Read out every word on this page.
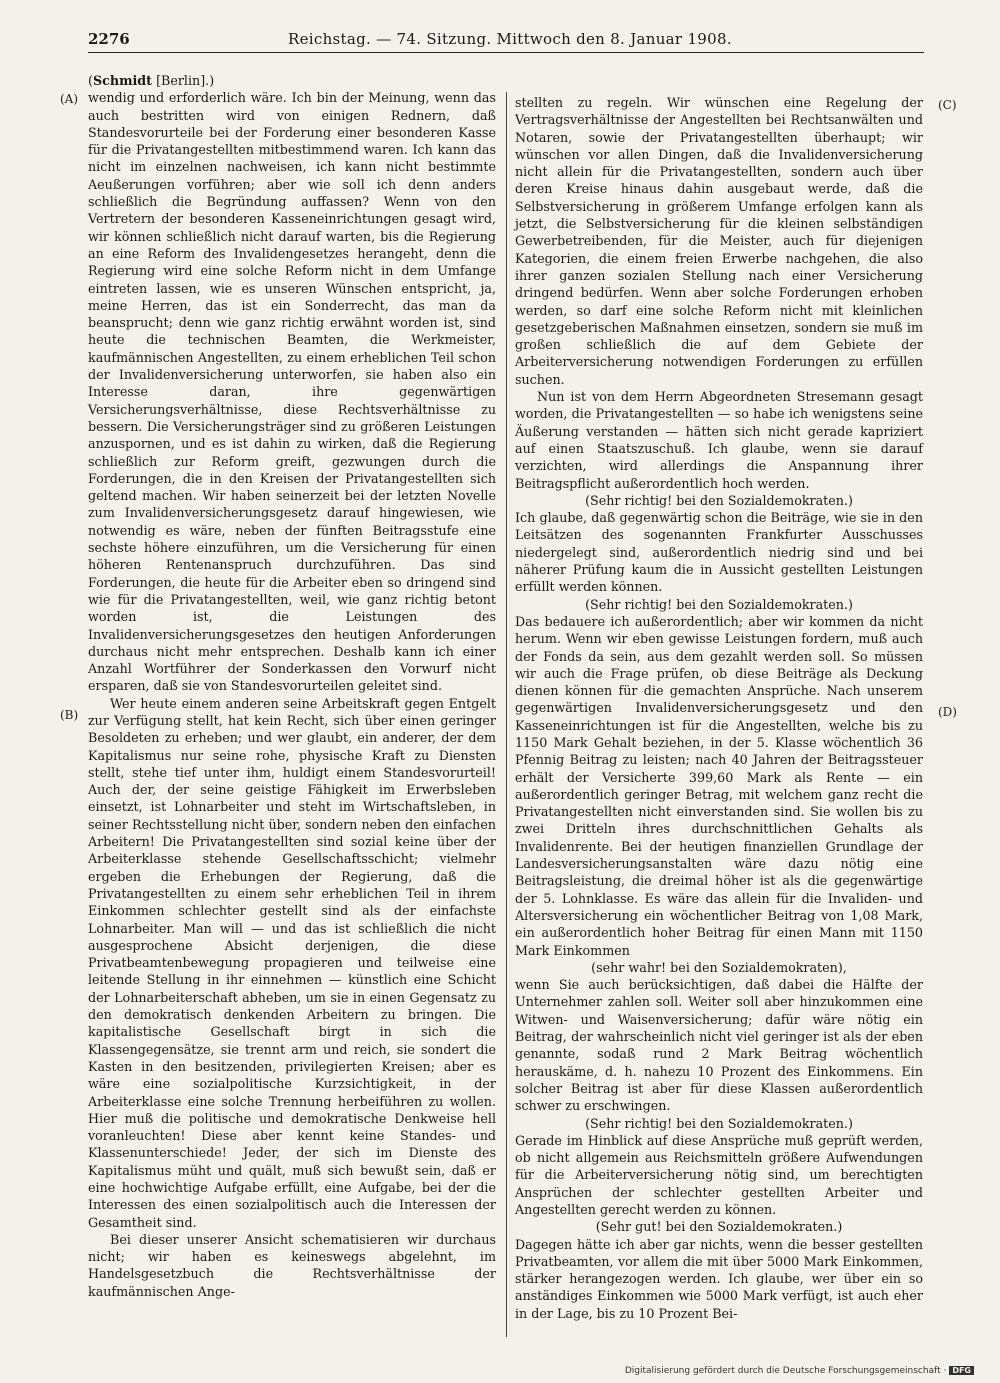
2276	Reichstag. — 74. Sitzung. Mittwoch den 8. Januar 1908.
(A)
(B)
(C)
(D)

(Schmidt [Berlin].)

wendig und erforderlich wäre. Ich bin der Meinung, wenn das auch bestritten wird von einigen Rednern, daß Standesvorurteile bei der Forderung einer besonderen Kasse für die Privatangestellten mitbestimmend waren. Ich kann das nicht im einzelnen nachweisen, ich kann nicht bestimmte Aeußerungen vorführen; aber wie soll ich denn anders schließlich die Begründung auffassen? Wenn von den Vertretern der besonderen Kasseneinrichtungen gesagt wird, wir können schließlich nicht darauf warten, bis die Regierung an eine Reform des Invalidengesetzes herangeht, denn die Regierung wird eine solche Reform nicht in dem Umfange eintreten lassen, wie es unseren Wünschen entspricht, ja, meine Herren, das ist ein Sonderrecht, das man da beansprucht; denn wie ganz richtig erwähnt worden ist, sind heute die technischen Beamten, die Werkmeister, kaufmännischen Angestellten, zu einem erheblichen Teil schon der Invalidenversicherung unterworfen, sie haben also ein Interesse daran, ihre gegenwärtigen Versicherungsverhältnisse, diese Rechtsverhältnisse zu bessern. Die Versicherungsträger sind zu größeren Leistungen anzuspornen, und es ist dahin zu wirken, daß die Regierung schließlich zur Reform greift, gezwungen durch die Forderungen, die in den Kreisen der Privatangestellten sich geltend machen. Wir haben seinerzeit bei der letzten Novelle zum Invalidenversicherungsgesetz darauf hingewiesen, wie notwendig es wäre, neben der fünften Beitragsstufe eine sechste höhere einzuführen, um die Versicherung für einen höheren Rentenanspruch durchzuführen. Das sind Forderungen, die heute für die Arbeiter eben so dringend sind wie für die Privatangestellten, weil, wie ganz richtig betont worden ist, die Leistungen des Invalidenversicherungsgesetzes den heutigen Anforderungen durchaus nicht mehr entsprechen. Deshalb kann ich einer Anzahl Wortführer der Sonderkassen den Vorwurf nicht ersparen, daß sie von Standesvorurteilen geleitet sind.

Wer heute einem anderen seine Arbeitskraft gegen Entgelt zur Verfügung stellt, hat kein Recht, sich über einen geringer Besoldeten zu erheben; und wer glaubt, ein anderer, der dem Kapitalismus nur seine rohe, physische Kraft zu Diensten stellt, stehe tief unter ihm, huldigt einem Standesvorurteil! Auch der, der seine geistige Fähigkeit im Erwerbsleben einsetzt, ist Lohnarbeiter und steht im Wirtschaftsleben, in seiner Rechtsstellung nicht über, sondern neben den einfachen Arbeitern! Die Privatangestellten sind sozial keine über der Arbeiterklasse stehende Gesellschaftsschicht; vielmehr ergeben die Erhebungen der Regierung, daß die Privatangestellten zu einem sehr erheblichen Teil in ihrem Einkommen schlechter gestellt sind als der einfachste Lohnarbeiter. Man will — und das ist schließlich die nicht ausgesprochene Absicht derjenigen, die diese Privatbeamtenbewegung propagieren und teilweise eine leitende Stellung in ihr einnehmen — künstlich eine Schicht der Lohnarbeiterschaft abheben, um sie in einen Gegensatz zu den demokratisch denkenden Arbeitern zu bringen. Die kapitalistische Gesellschaft birgt in sich die Klassengegensätze, sie trennt arm und reich, sie sondert die Kasten in den besitzenden, privilegierten Kreisen; aber es wäre eine sozialpolitische Kurzsichtigkeit, in der Arbeiterklasse eine solche Trennung herbeiführen zu wollen. Hier muß die politische und demokratische Denkweise hell voranleuchten! Diese aber kennt keine Standes- und Klassenunterschiede! Jeder, der sich im Dienste des Kapitalismus müht und quält, muß sich bewußt sein, daß er eine hochwichtige Aufgabe erfüllt, eine Aufgabe, bei der die Interessen des einen sozialpolitisch auch die Interessen der Gesamtheit sind.

Bei dieser unserer Ansicht schematisieren wir durchaus nicht; wir haben es keineswegs abgelehnt, im Handelsgesetzbuch die Rechtsverhältnisse der kaufmännischen Ange-

stellten zu regeln. Wir wünschen eine Regelung der Vertragsverhältnisse der Angestellten bei Rechtsanwälten und Notaren, sowie der Privatangestellten überhaupt; wir wünschen vor allen Dingen, daß die Invalidenversicherung nicht allein für die Privatangestellten, sondern auch über deren Kreise hinaus dahin ausgebaut werde, daß die Selbstversicherung in größerem Umfange erfolgen kann als jetzt, die Selbstversicherung für die kleinen selbständigen Gewerbetreibenden, für die Meister, auch für diejenigen Kategorien, die einem freien Erwerbe nachgehen, die also ihrer ganzen sozialen Stellung nach einer Versicherung dringend bedürfen. Wenn aber solche Forderungen erhoben werden, so darf eine solche Reform nicht mit kleinlichen gesetzgeberischen Maßnahmen einsetzen, sondern sie muß im großen schließlich die auf dem Gebiete der Arbeiterversicherung notwendigen Forderungen zu erfüllen suchen.

Nun ist von dem Herrn Abgeordneten Stresemann gesagt worden, die Privatangestellten — so habe ich wenigstens seine Äußerung verstanden — hätten sich nicht gerade kapriziert auf einen Staatszuschuß. Ich glaube, wenn sie darauf verzichten, wird allerdings die Anspannung ihrer Beitragspflicht außerordentlich hoch werden.

(Sehr richtig! bei den Sozialdemokraten.)

Ich glaube, daß gegenwärtig schon die Beiträge, wie sie in den Leitsätzen des sogenannten Frankfurter Ausschusses niedergelegt sind, außerordentlich niedrig sind und bei näherer Prüfung kaum die in Aussicht gestellten Leistungen erfüllt werden können.

(Sehr richtig! bei den Sozialdemokraten.)

Das bedauere ich außerordentlich; aber wir kommen da nicht herum. Wenn wir eben gewisse Leistungen fordern, muß auch der Fonds da sein, aus dem gezahlt werden soll. So müssen wir auch die Frage prüfen, ob diese Beiträge als Deckung dienen können für die gemachten Ansprüche. Nach unserem gegenwärtigen Invalidenversicherungsgesetz und den Kasseneinrichtungen ist für die Angestellten, welche bis zu 1150 Mark Gehalt beziehen, in der 5. Klasse wöchentlich 36 Pfennig Beitrag zu leisten; nach 40 Jahren der Beitragssteuer erhält der Versicherte 399,60 Mark als Rente — ein außerordentlich geringer Betrag, mit welchem ganz recht die Privatangestellten nicht einverstanden sind. Sie wollen bis zu zwei Dritteln ihres durchschnittlichen Gehalts als Invalidenrente. Bei der heutigen finanziellen Grundlage der Landesversicherungsanstalten wäre dazu nötig eine Beitragsleistung, die dreimal höher ist als die gegenwärtige der 5. Lohnklasse. Es wäre das allein für die Invaliden- und Altersversicherung ein wöchentlicher Beitrag von 1,08 Mark, ein außerordentlich hoher Beitrag für einen Mann mit 1150 Mark Einkommen

(sehr wahr! bei den Sozialdemokraten),

wenn Sie auch berücksichtigen, daß dabei die Hälfte der Unternehmer zahlen soll. Weiter soll aber hinzukommen eine Witwen- und Waisenversicherung; dafür wäre nötig ein Beitrag, der wahrscheinlich nicht viel geringer ist als der eben genannte, sodaß rund 2 Mark Beitrag wöchentlich herauskäme, d. h. nahezu 10 Prozent des Einkommens. Ein solcher Beitrag ist aber für diese Klassen außerordentlich schwer zu erschwingen.

(Sehr richtig! bei den Sozialdemokraten.)

Gerade im Hinblick auf diese Ansprüche muß geprüft werden, ob nicht allgemein aus Reichsmitteln größere Aufwendungen für die Arbeiterversicherung nötig sind, um berechtigten Ansprüchen der schlechter gestellten Arbeiter und Angestellten gerecht werden zu können.

(Sehr gut! bei den Sozialdemokraten.)

Dagegen hätte ich aber gar nichts, wenn die besser gestellten Privatbeamten, vor allem die mit über 5000 Mark Einkommen, stärker herangezogen werden. Ich glaube, wer über ein so anständiges Einkommen wie 5000 Mark verfügt, ist auch eher in der Lage, bis zu 10 Prozent Bei-

Digitalisierung gefördert durch die Deutsche Forschungsgemeinschaft · DFG
